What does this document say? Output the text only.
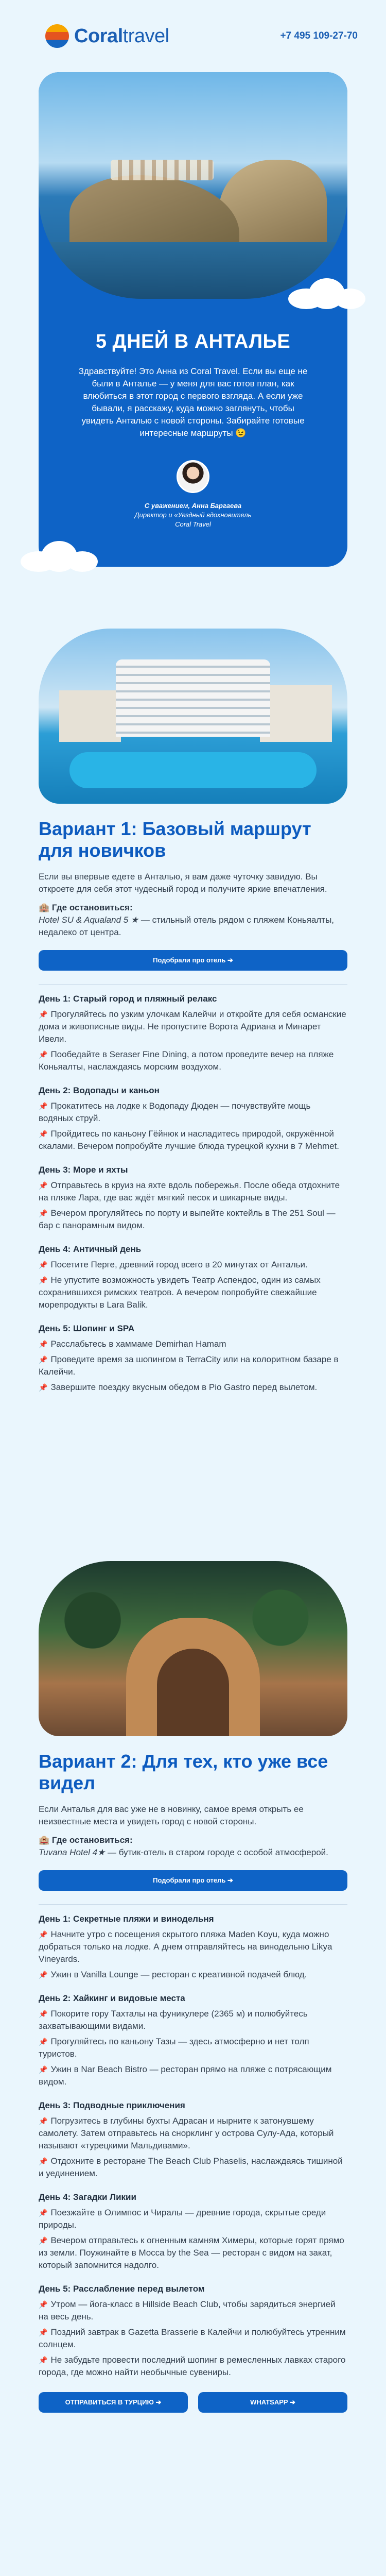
Coraltravel	+7 495 109-27-70
5 ДНЕЙ В АНТАЛЬЕ

Здравствуйте! Это Анна из Coral Travel. Если вы еще не были в Анталье — у меня для вас готов план, как влюбиться в этот город с первого взгляда. А если уже бывали, я расскажу, куда можно заглянуть, чтобы увидеть Анталью с новой стороны. Забирайте готовые интересные маршруты 😉

С уважением, Анна Баргаева
Директор и «Уездный вдохновитель
Coral Travel
Вариант 1: Базовый маршрут для новичков
Если вы впервые едете в Анталью, я вам даже чуточку завидую. Вы откроете для себя этот чудесный город и получите яркие впечатления.
🏨 Где остановиться:
Hotel SU & Aqualand 5 ★ — стильный отель рядом с пляжем Коньяалты, недалеко от центра.
Подобрали про отель ➔
День 1: Старый город и пляжный релакс
📌 Прогуляйтесь по узким улочкам Калейчи и откройте для себя османские дома и живописные виды. Не пропустите Ворота Адриана и Минарет Ивели.
📌 Пообедайте в Seraser Fine Dining, а потом проведите вечер на пляже Коньяалты, наслаждаясь морским воздухом.
День 2: Водопады и каньон
📌 Прокатитесь на лодке к Водопаду Дюден — почувствуйте мощь водяных струй.
📌 Пройдитесь по каньону Гёйнюк и насладитесь природой, окружённой скалами. Вечером попробуйте лучшие блюда турецкой кухни в 7 Mehmet.
День 3: Море и яхты
📌 Отправьтесь в круиз на яхте вдоль побережья. После обеда отдохните на пляже Лара, где вас ждёт мягкий песок и шикарные виды.
📌 Вечером прогуляйтесь по порту и выпейте коктейль в The 251 Soul — бар с панорамным видом.
День 4: Античный день
📌 Посетите Перге, древний город всего в 20 минутах от Антальи.
📌 Не упустите возможность увидеть Театр Аспендос, один из самых сохранившихся римских театров. А вечером попробуйте свежайшие морепродукты в Lara Balik.
День 5: Шопинг и SPA
📌 Расслабьтесь в хаммаме Demirhan Hamam
📌 Проведите время за шопингом в TerraCity или на колоритном базаре в Калейчи.
📌 Завершите поездку вкусным обедом в Pio Gastro перед вылетом.
Вариант 2: Для тех, кто уже все видел
Если Анталья для вас уже не в новинку, самое время открыть ее неизвестные места и увидеть город с новой стороны.
🏨 Где остановиться:
Tuvana Hotel 4★ — бутик-отель в старом городе с особой атмосферой.
Подобрали про отель ➔
День 1: Секретные пляжи и винодельня
📌 Начните утро с посещения скрытого пляжа Maden Koyu, куда можно добраться только на лодке. А днем отправляйтесь на винодельню Likya Vineyards.
📌 Ужин в Vanilla Lounge — ресторан с креативной подачей блюд.
День 2: Хайкинг и видовые места
📌 Покорите гору Тахталы на фуникулере (2365 м) и полюбуйтесь захватывающими видами.
📌 Прогуляйтесь по каньону Тазы — здесь атмосферно и нет толп туристов.
📌 Ужин в Nar Beach Bistro — ресторан прямо на пляже с потрясающим видом.
День 3: Подводные приключения
📌 Погрузитесь в глубины бухты Адрасан и нырните к затонувшему самолету. Затем отправьтесь на снорклинг у острова Сулу-Ада, который называют «турецкими Мальдивами».
📌 Отдохните в ресторане The Beach Club Phaselis, наслаждаясь тишиной и уединением.
День 4: Загадки Ликии
📌 Поезжайте в Олимпос и Чиралы — древние города, скрытые среди природы.
📌 Вечером отправьтесь к огненным камням Химеры, которые горят прямо из земли. Поужинайте в Mocca by the Sea — ресторан с видом на закат, который запомнится надолго.
День 5: Расслабление перед вылетом
📌 Утром — йога-класс в Hillside Beach Club, чтобы зарядиться энергией на весь день.
📌 Поздний завтрак в Gazetta Brasserie в Калейчи и полюбуйтесь утренним солнцем.
📌 Не забудьте провести последний шопинг в ремесленных лавках старого города, где можно найти необычные сувениры.
ОТПРАВИТЬСЯ В ТУРЦИЮ ➔	WHATSAPP ➔
